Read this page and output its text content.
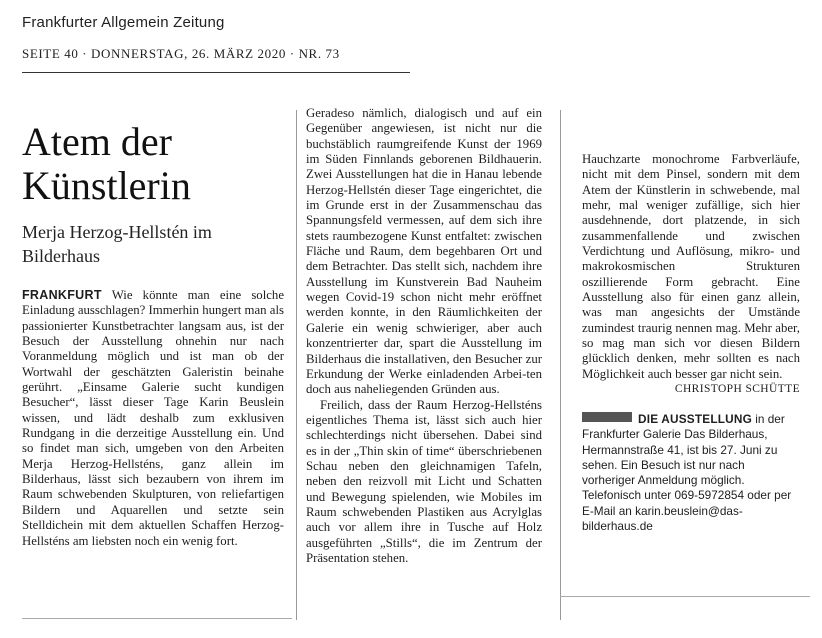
Frankfurter Allgemein Zeitung
SEITE 40 · DONNERSTAG, 26. MÄRZ 2020 · NR. 73
Atem der Künstlerin

Merja Herzog-Hellstén im Bilderhaus

FRANKFURT Wie könnte man eine solche Einladung ausschlagen? Immerhin hungert man als passionierter Kunstbetrachter langsam aus, ist der Besuch der Ausstellung ohnehin nur nach Voranmeldung möglich und ist man ob der Wortwahl der geschätzten Galeristin beinahe gerührt. „Einsame Galerie sucht kundigen Besucher“, lässt dieser Tage Karin Beuslein wissen, und lädt deshalb zum exklusiven Rundgang in die derzeitige Ausstellung ein. Und so findet man sich, umgeben von den Arbeiten Merja Herzog-Hellsténs, ganz allein im Bilderhaus, lässt sich bezaubern von ihrem im Raum schwebenden Skulpturen, von reliefartigen Bildern und Aquarellen und setzte sein Stelldichein mit dem aktuellen Schaffen Herzog-Hellsténs am liebsten noch ein wenig fort.
Geradeso nämlich, dialogisch und auf ein Gegenüber angewiesen, ist nicht nur die buchstäblich raumgreifende Kunst der 1969 im Süden Finnlands geborenen Bildhauerin. Zwei Ausstellungen hat die in Hanau lebende Herzog-Hellstén dieser Tage eingerichtet, die im Grunde erst in der Zusammenschau das Spannungsfeld vermessen, auf dem sich ihre stets raumbezogene Kunst entfaltet: zwischen Fläche und Raum, dem begehbaren Ort und dem Betrachter. Das stellt sich, nachdem ihre Ausstellung im Kunstverein Bad Nauheim wegen Covid-19 schon nicht mehr eröffnet werden konnte, in den Räumlichkeiten der Galerie ein wenig schwieriger, aber auch konzentrierter dar, spart die Ausstellung im Bilderhaus die installativen, den Besucher zur Erkundung der Werke einladenden Arbei-ten doch aus naheliegenden Gründen aus.
Freilich, dass der Raum Herzog-Hellsténs eigentliches Thema ist, lässt sich auch hier schlechterdings nicht übersehen. Dabei sind es in der „Thin skin of time“ überschriebenen Schau neben den gleichnamigen Tafeln, neben den reizvoll mit Licht und Schatten und Bewegung spielenden, wie Mobiles im Raum schwebenden Plastiken aus Acrylglas auch vor allem ihre in Tusche auf Holz ausgeführten „Stills“, die im Zentrum der Präsentation stehen.
Hauchzarte monochrome Farbverläufe, nicht mit dem Pinsel, sondern mit dem Atem der Künstlerin in schwebende, mal mehr, mal weniger zufällige, sich hier ausdehnende, dort platzende, in sich zusammenfallende und zwischen Verdichtung und Auflösung, mikro- und makrokosmischen Strukturen oszillierende Form gebracht. Eine Ausstellung also für einen ganz allein, was man angesichts der Umstände zumindest traurig nennen mag. Mehr aber, so mag man sich vor diesen Bildern glücklich denken, mehr sollten es nach Möglichkeit auch besser gar nicht sein.
CHRISTOPH SCHÜTTE
DIE AUSSTELLUNG in der Frankfurter Galerie Das Bilderhaus, Hermannstraße 41, ist bis 27. Juni zu sehen. Ein Besuch ist nur nach vorheriger Anmeldung möglich. Telefonisch unter 069-5972854 oder per E-Mail an karin.beuslein@das-bilderhaus.de
